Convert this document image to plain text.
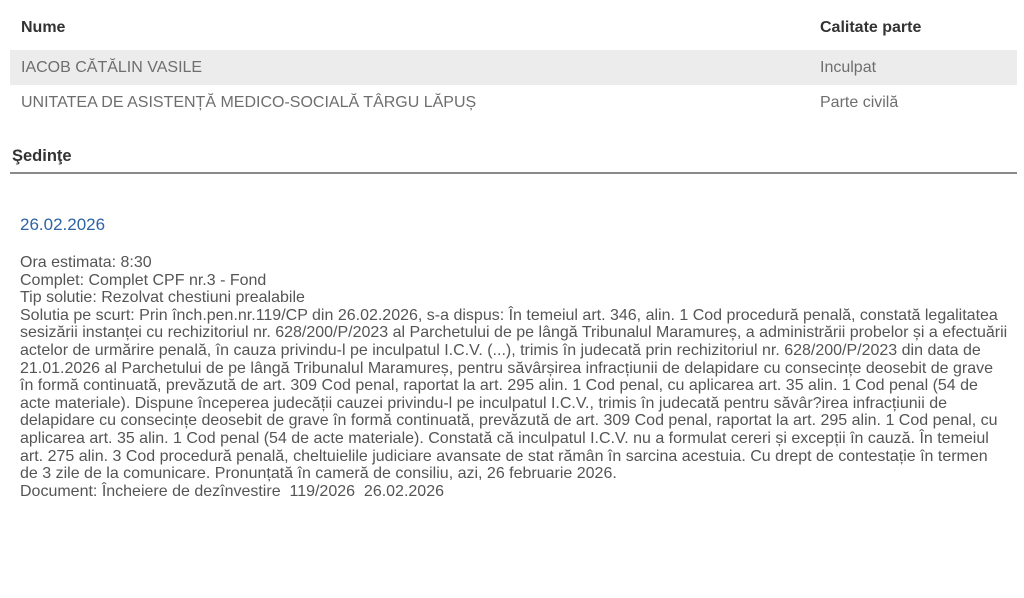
Nume	Calitate parte
IACOB CĂTĂLIN VASILE	Inculpat
UNITATEA DE ASISTENȚĂ MEDICO-SOCIALĂ TÂRGU LĂPUȘ	Parte civilă
Şedinţe
26.02.2026
Ora estimata: 8:30
Complet: Complet CPF nr.3 - Fond
Tip solutie: Rezolvat chestiuni prealabile
Solutia pe scurt: Prin înch.pen.nr.119/CP din 26.02.2026, s-a dispus: În temeiul art. 346, alin. 1 Cod procedură penală, constată legalitatea sesizării instanței cu rechizitoriul nr. 628/200/P/2023 al Parchetului de pe lângă Tribunalul Maramureș, a administrării probelor și a efectuării actelor de urmărire penală, în cauza privindu-l pe inculpatul I.C.V. (...), trimis în judecată prin rechizitoriul nr. 628/200/P/2023 din data de 21.01.2026 al Parchetului de pe lângă Tribunalul Maramureș, pentru săvârșirea infracțiunii de delapidare cu consecințe deosebit de grave în formă continuată, prevăzută de art. 309 Cod penal, raportat la art. 295 alin. 1 Cod penal, cu aplicarea art. 35 alin. 1 Cod penal (54 de acte materiale). Dispune începerea judecății cauzei privindu-l pe inculpatul I.C.V., trimis în judecată pentru săvâr?irea infracțiunii de delapidare cu consecințe deosebit de grave în formă continuată, prevăzută de art. 309 Cod penal, raportat la art. 295 alin. 1 Cod penal, cu aplicarea art. 35 alin. 1 Cod penal (54 de acte materiale). Constată că inculpatul I.C.V. nu a formulat cereri și excepții în cauză. În temeiul art. 275 alin. 3 Cod procedură penală, cheltuielile judiciare avansate de stat rămân în sarcina acestuia. Cu drept de contestație în termen de 3 zile de la comunicare. Pronunțată în cameră de consiliu, azi, 26 februarie 2026.
Document: Încheiere de dezînvestire  119/2026  26.02.2026
